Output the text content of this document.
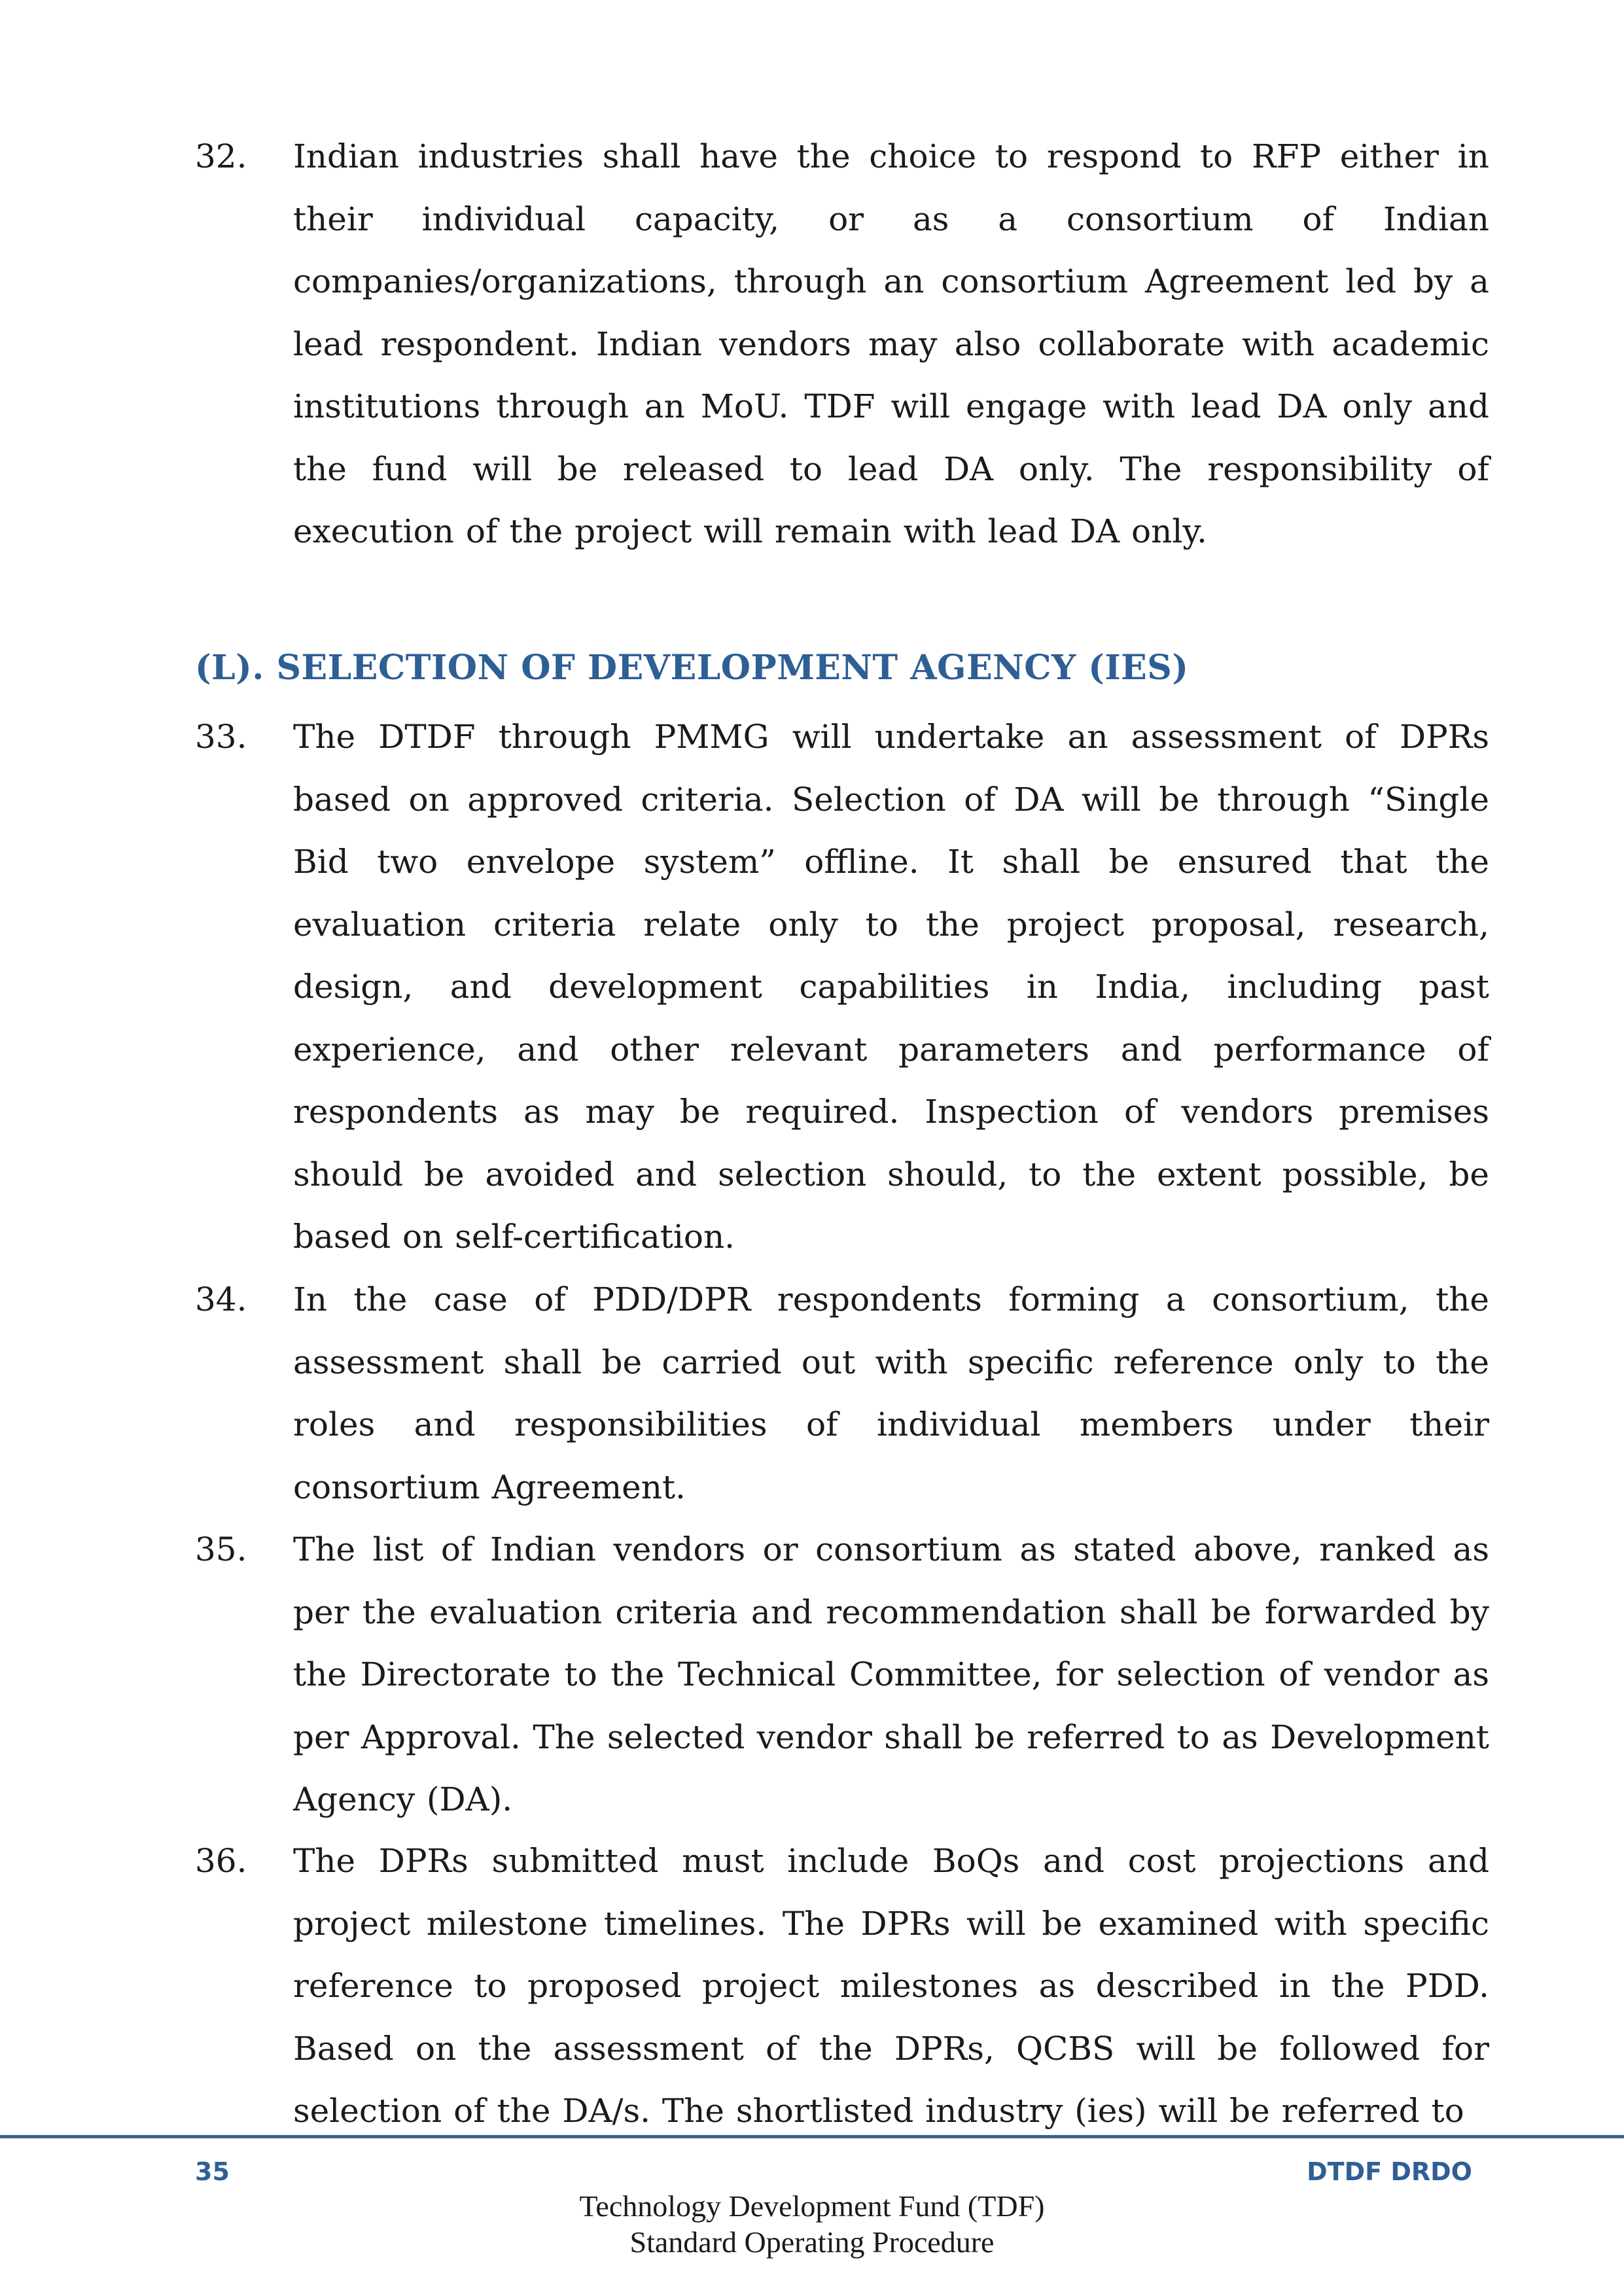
32. Indian industries shall have the choice to respond to RFP either in their individual capacity, or as a consortium of Indian companies/organizations, through an consortium Agreement led by a lead respondent. Indian vendors may also collaborate with academic institutions through an MoU. TDF will engage with lead DA only and the fund will be released to lead DA only. The responsibility of execution of the project will remain with lead DA only.
(L). SELECTION OF DEVELOPMENT AGENCY (IES)
33. The DTDF through PMMG will undertake an assessment of DPRs based on approved criteria. Selection of DA will be through “Single Bid two envelope system” offline. It shall be ensured that the evaluation criteria relate only to the project proposal, research, design, and development capabilities in India, including past experience, and other relevant parameters and performance of respondents as may be required. Inspection of vendors premises should be avoided and selection should, to the extent possible, be based on self-certification.
34. In the case of PDD/DPR respondents forming a consortium, the assessment shall be carried out with specific reference only to the roles and responsibilities of individual members under their consortium Agreement.
35. The list of Indian vendors or consortium as stated above, ranked as per the evaluation criteria and recommendation shall be forwarded by the Directorate to the Technical Committee, for selection of vendor as per Approval. The selected vendor shall be referred to as Development Agency (DA).
36. The DPRs submitted must include BoQs and cost projections and project milestone timelines. The DPRs will be examined with specific reference to proposed project milestones as described in the PDD. Based on the assessment of the DPRs, QCBS will be followed for selection of the DA/s. The shortlisted industry (ies) will be referred to
35	DTDF DRDO
Technology Development Fund (TDF)
Standard Operating Procedure
